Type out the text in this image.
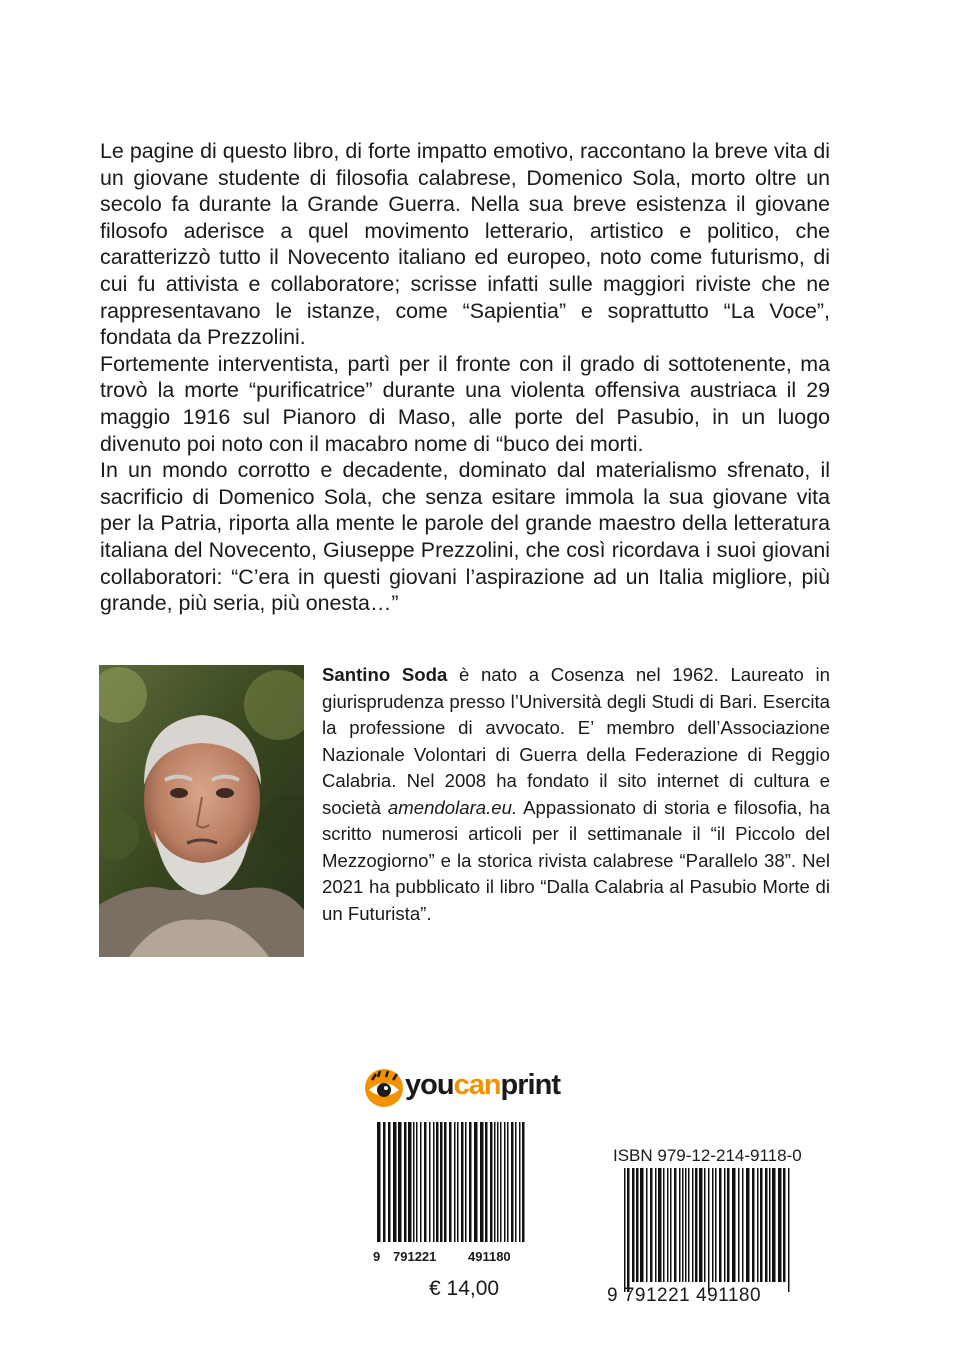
Le pagine di questo libro, di forte impatto emotivo, raccontano la breve vita di un giovane studente di filosofia calabrese, Domenico Sola, morto oltre un secolo fa durante la Grande Guerra. Nella sua breve esistenza il giovane filosofo aderisce a quel movimento letterario, artistico e politico, che caratterizzò tutto il Novecento italiano ed europeo, noto come futurismo, di cui fu attivista e collaboratore; scrisse infatti sulle maggiori riviste che ne rappresentavano le istanze, come “Sapientia” e soprattutto “La Voce”, fondata da Prezzolini.

Fortemente interventista, partì per il fronte con il grado di sottotenente, ma trovò la morte “purificatrice” durante una violenta offensiva austriaca il 29 maggio 1916 sul Pianoro di Maso, alle porte del Pasubio, in un luogo divenuto poi noto con il macabro nome di “buco dei morti.

In un mondo corrotto e decadente, dominato dal materialismo sfrenato, il sacrificio di Domenico Sola, che senza esitare immola la sua giovane vita per la Patria, riporta alla mente le parole del grande maestro della letteratura italiana del Novecento, Giuseppe Prezzolini, che così ricordava i suoi giovani collaboratori: “C’era in questi giovani l’aspirazione ad un Italia migliore, più grande, più seria, più onesta…”

Santino Soda è nato a Cosenza nel 1962. Laureato in giurisprudenza presso l’Università degli Studi di Bari. Esercita la professione di avvocato. E’ membro dell’Associazione Nazionale Volontari di Guerra della Federazione di Reggio Calabria. Nel 2008 ha fondato il sito internet di cultura e società amendolara.eu. Appassionato di storia e filosofia, ha scritto numerosi articoli per il settimanale il “il Piccolo del Mezzogiorno” e la storica rivista calabrese “Parallelo 38”. Nel 2021 ha pubblicato il libro “Dalla Calabria al Pasubio Morte di un Futurista”.

youcanprint
9 791221 491180
€ 14,00
ISBN 979-12-214-9118-0
9 791221 491180
